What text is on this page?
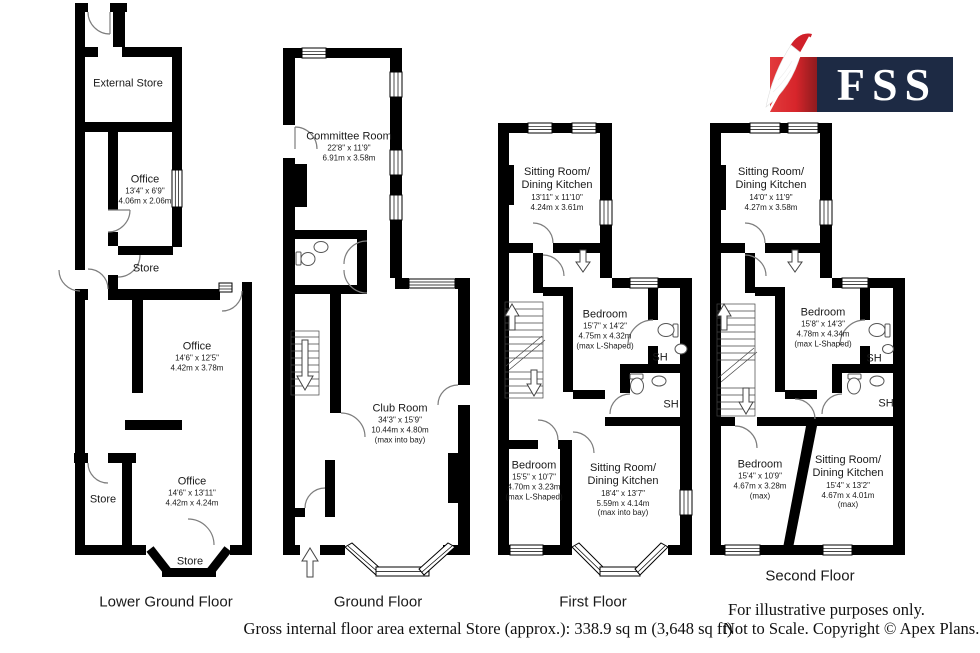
External Store
Office
13'4" x 6'9"
4.06m x 2.06m
Store
Office
14'6" x 12'5"
4.42m x 3.78m
Store
Office
14'6" x 13'11"
4.42m x 4.24m
Store
Lower Ground Floor
Committee Room
22'8" x 11'9"
6.91m x 3.58m
Club Room
34'3" x 15'9"
10.44m x 4.80m
(max into bay)
Ground Floor
Sitting Room/
Dining Kitchen
13'11" x 11'10"
4.24m x 3.61m
Bedroom
15'7" x 14'2"
4.75m x 4.32m
(max L-Shaped)
SH
SH
Bedroom
15'5" x 10'7"
4.70m x 3.23m
(max L-Shaped)
Sitting Room/
Dining Kitchen
18'4" x 13'7"
5.59m x 4.14m
(max into bay)
First Floor
Sitting Room/
Dining Kitchen
14'0" x 11'9"
4.27m x 3.58m
Bedroom
15'8" x 14'3"
4.78m x 4.34m
(max L-Shaped)
SH
SH
Bedroom
15'4" x 10'9"
4.67m x 3.28m
(max)
Sitting Room/
Dining Kitchen
15'4" x 13'2"
4.67m x 4.01m
(max)
Second Floor
FSS
Gross internal floor area external Store (approx.): 338.9 sq m (3,648 sq ft)
For illustrative purposes only.
Not to Scale. Copyright © Apex Plans.
